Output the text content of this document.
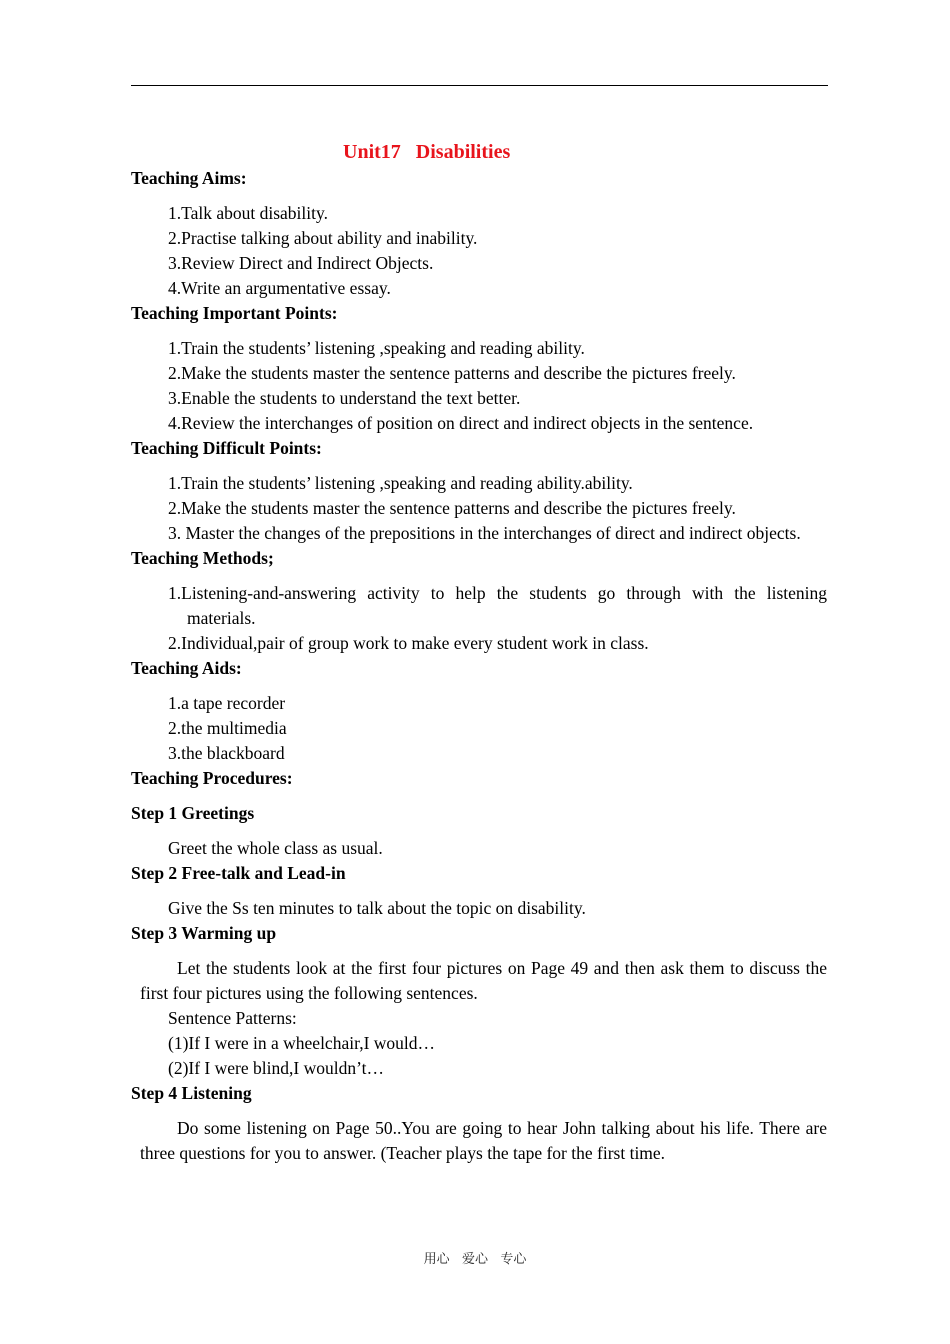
Unit17   Disabilities

Teaching Aims:

1.Talk about disability.

2.Practise talking about ability and inability.

3.Review Direct and Indirect Objects.

4.Write an argumentative essay.

Teaching Important Points:

1.Train the students’ listening ,speaking and reading ability.

2.Make the students master the sentence patterns and describe the pictures freely.

3.Enable the students to understand the text better.

4.Review the interchanges of position on direct and indirect objects in the sentence.

Teaching Difficult Points:

1.Train the students’ listening ,speaking and reading ability.ability.

2.Make the students master the sentence patterns and describe the pictures freely.

3. Master the changes of the prepositions in the interchanges of direct and indirect objects.

Teaching Methods;

1.Listening-and-answering activity to help the students go through with the listening materials.

2.Individual,pair of group work to make every student work in class.

Teaching Aids:

1.a tape recorder

2.the multimedia

3.the blackboard

Teaching Procedures:

Step 1 Greetings

Greet the whole class as usual.

Step 2 Free-talk and Lead-in

Give the Ss ten minutes to talk about the topic on disability.

Step 3 Warming up

Let the students look at the first four pictures on Page 49 and then ask them to discuss the first four pictures using the following sentences.

Sentence Patterns:

(1)If I were in a wheelchair,I would…

(2)If I were blind,I wouldn’t…

Step 4 Listening

Do some listening on Page 50..You are going to hear John talking about his life. There are three questions for you to answer. (Teacher plays the tape for the first time.

用心   爱心   专心
